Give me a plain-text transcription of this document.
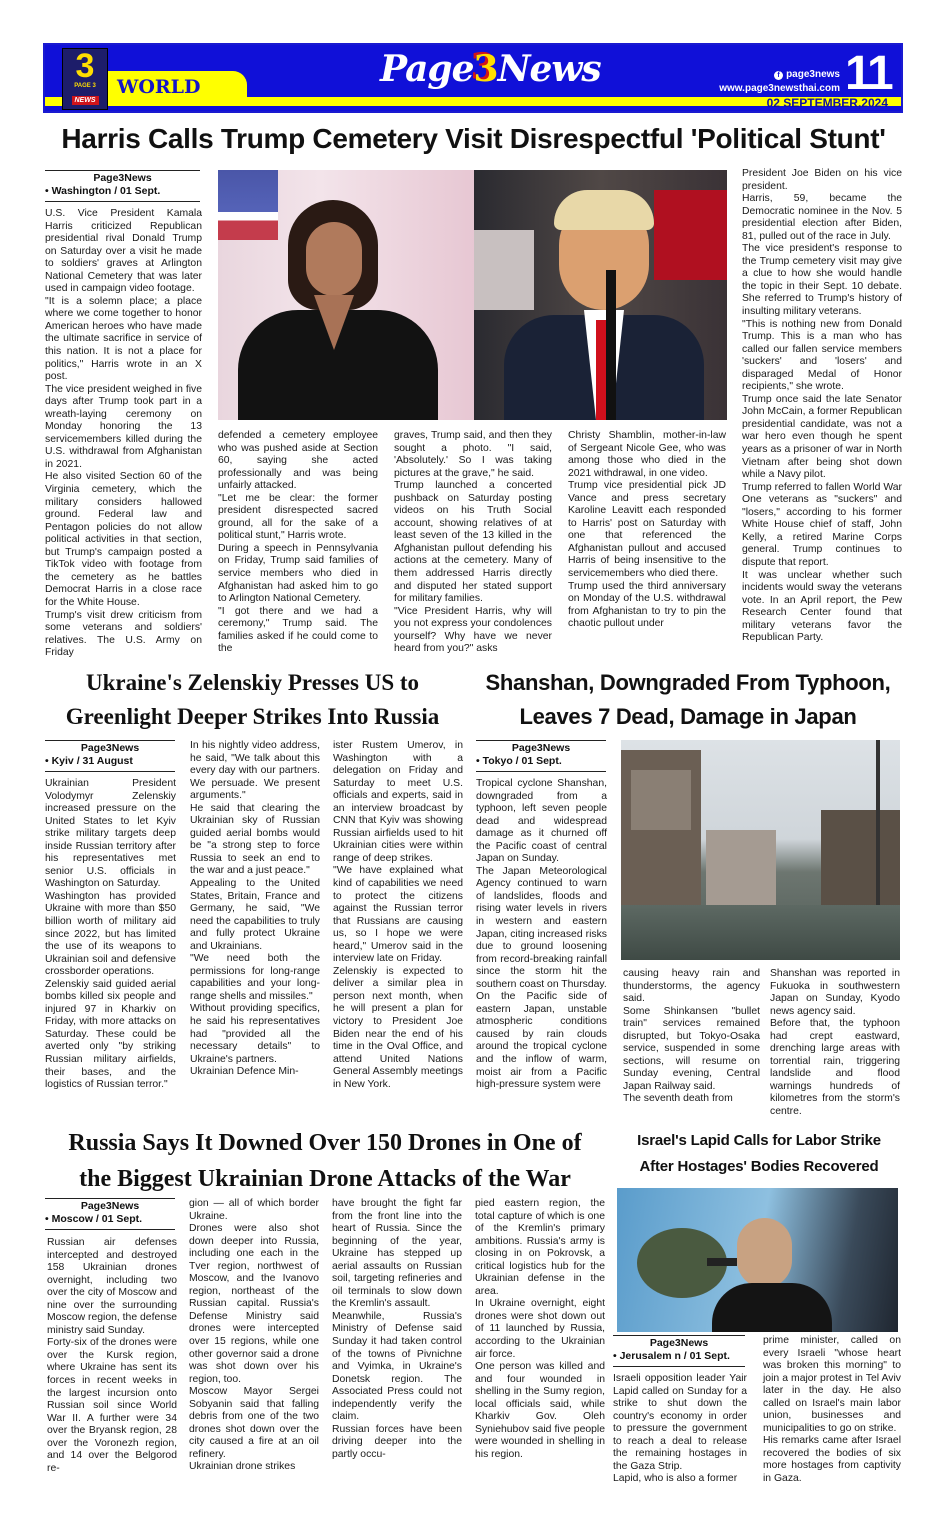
WORLD
3
PAGE 3
NEWS
Page3News	f page3news
www.page3newsthai.com 11
02 SEPTEMBER,2024
Harris Calls Trump Cemetery Visit Disrespectful 'Political Stunt'
Page3News
• Washington / 01 Sept.

U.S. Vice President Kamala Harris criticized Republican presidential rival Donald Trump on Saturday over a visit he made to soldiers' graves at Arlington National Cemetery that was later used in campaign video footage.

"It is a solemn place; a place where we come together to honor American heroes who have made the ultimate sacrifice in service of this nation. It is not a place for politics," Harris wrote in an X post.

The vice president weighed in five days after Trump took part in a wreath-laying ceremony on Monday honoring the 13 servicemembers killed during the U.S. withdrawal from Afghanistan in 2021.

He also visited Section 60 of the Virginia cemetery, which the military considers hallowed ground. Federal law and Pentagon policies do not allow political activities in that section, but Trump's campaign posted a TikTok video with footage from the cemetery as he battles Democrat Harris in a close race for the White House.

Trump's visit drew criticism from some veterans and soldiers' relatives. The U.S. Army on Friday

defended a cemetery employee who was pushed aside at Section 60, saying she acted professionally and was being unfairly attacked.

"Let me be clear: the former president disrespected sacred ground, all for the sake of a political stunt," Harris wrote.

During a speech in Pennsylvania on Friday, Trump said families of service members who died in Afghanistan had asked him to go to Arlington National Cemetery.

"I got there and we had a ceremony," Trump said. The families asked if he could come to the

graves, Trump said, and then they sought a photo. "I said, 'Absolutely.' So I was taking pictures at the grave," he said.

Trump launched a concerted pushback on Saturday posting videos on his Truth Social account, showing relatives of at least seven of the 13 killed in the Afghanistan pullout defending his actions at the cemetery. Many of them addressed Harris directly and disputed her stated support for military families.

"Vice President Harris, why will you not express your condolences yourself? Why have we never heard from you?" asks

Christy Shamblin, mother-in-law of Sergeant Nicole Gee, who was among those who died in the 2021 withdrawal, in one video.

Trump vice presidential pick JD Vance and press secretary Karoline Leavitt each responded to Harris' post on Saturday with one that referenced the Afghanistan pullout and accused Harris of being insensitive to the servicemembers who died there.

Trump used the third anniversary on Monday of the U.S. withdrawal from Afghanistan to try to pin the chaotic pullout under

President Joe Biden on his vice president.

Harris, 59, became the Democratic nominee in the Nov. 5 presidential election after Biden, 81, pulled out of the race in July.

The vice president's response to the Trump cemetery visit may give a clue to how she would handle the topic in their Sept. 10 debate. She referred to Trump's history of insulting military veterans.

"This is nothing new from Donald Trump. This is a man who has called our fallen service members 'suckers' and 'losers' and disparaged Medal of Honor recipients," she wrote.

Trump once said the late Senator John McCain, a former Republican presidential candidate, was not a war hero even though he spent years as a prisoner of war in North Vietnam after being shot down while a Navy pilot.

Trump referred to fallen World War One veterans as "suckers" and "losers," according to his former White House chief of staff, John Kelly, a retired Marine Corps general. Trump continues to dispute that report.

It was unclear whether such incidents would sway the veterans vote. In an April report, the Pew Research Center found that military veterans favor the Republican Party.

Ukraine's Zelenskiy Presses US to
Greenlight Deeper Strikes Into Russia
Page3News
• Kyiv / 31 August

Ukrainian President Volodymyr Zelenskiy increased pressure on the United States to let Kyiv strike military targets deep inside Russian territory after his representatives met senior U.S. officials in Washington on Saturday.

Washington has provided Ukraine with more than $50 billion worth of military aid since 2022, but has limited the use of its weapons to Ukrainian soil and defensive crossborder operations.

Zelenskiy said guided aerial bombs killed six people and injured 97 in Kharkiv on Friday, with more attacks on Saturday. These could be averted only "by striking Russian military airfields, their bases, and the logistics of Russian terror."

In his nightly video address, he said, "We talk about this every day with our partners. We persuade. We present arguments."

He said that clearing the Ukrainian sky of Russian guided aerial bombs would be "a strong step to force Russia to seek an end to the war and a just peace."

Appealing to the United States, Britain, France and Germany, he said, "We need the capabilities to truly and fully protect Ukraine and Ukrainians.

"We need both the permissions for long-range capabilities and your long-range shells and missiles."

Without providing specifics, he said his representatives had "provided all the necessary details" to Ukraine's partners.

Ukrainian Defence Min-

ister Rustem Umerov, in Washington with a delegation on Friday and Saturday to meet U.S. officials and experts, said in an interview broadcast by CNN that Kyiv was showing Russian airfields used to hit Ukrainian cities were within range of deep strikes.

"We have explained what kind of capabilities we need to protect the citizens against the Russian terror that Russians are causing us, so I hope we were heard," Umerov said in the interview late on Friday.

Zelenskiy is expected to deliver a similar plea in person next month, when he will present a plan for victory to President Joe Biden near the end of his time in the Oval Office, and attend United Nations General Assembly meetings in New York.

Shanshan, Downgraded From Typhoon,
Leaves 7 Dead, Damage in Japan
Page3News
• Tokyo / 01 Sept.

Tropical cyclone Shanshan, downgraded from a typhoon, left seven people dead and widespread damage as it churned off the Pacific coast of central Japan on Sunday.

The Japan Meteorological Agency continued to warn of landslides, floods and rising water levels in rivers in western and eastern Japan, citing increased risks due to ground loosening from record-breaking rainfall since the storm hit the southern coast on Thursday.

On the Pacific side of eastern Japan, unstable atmospheric conditions caused by rain clouds around the tropical cyclone and the inflow of warm, moist air from a Pacific high-pressure system were

causing heavy rain and thunderstorms, the agency said.

Some Shinkansen "bullet train" services remained disrupted, but Tokyo-Osaka service, suspended in some sections, will resume on Sunday evening, Central Japan Railway said.

The seventh death from

Shanshan was reported in Fukuoka in southwestern Japan on Sunday, Kyodo news agency said.

Before that, the typhoon had crept eastward, drenching large areas with torrential rain, triggering landslide and flood warnings hundreds of kilometres from the storm's centre.

Russia Says It Downed Over 150 Drones in One of
the Biggest Ukrainian Drone Attacks of the War
Page3News
• Moscow / 01 Sept.

Russian air defenses intercepted and destroyed 158 Ukrainian drones overnight, including two over the city of Moscow and nine over the surrounding Moscow region, the defense ministry said Sunday.

Forty-six of the drones were over the Kursk region, where Ukraine has sent its forces in recent weeks in the largest incursion onto Russian soil since World War II. A further were 34 over the Bryansk region, 28 over the Voronezh region, and 14 over the Belgorod re-

gion — all of which border Ukraine.

Drones were also shot down deeper into Russia, including one each in the Tver region, northwest of Moscow, and the Ivanovo region, northeast of the Russian capital. Russia's Defense Ministry said drones were intercepted over 15 regions, while one other governor said a drone was shot down over his region, too.

Moscow Mayor Sergei Sobyanin said that falling debris from one of the two drones shot down over the city caused a fire at an oil refinery.

Ukrainian drone strikes

have brought the fight far from the front line into the heart of Russia. Since the beginning of the year, Ukraine has stepped up aerial assaults on Russian soil, targeting refineries and oil terminals to slow down the Kremlin's assault.

Meanwhile, Russia's Ministry of Defense said Sunday it had taken control of the towns of Pivnichne and Vyimka, in Ukraine's Donetsk region. The Associated Press could not independently verify the claim.

Russian forces have been driving deeper into the partly occu-

pied eastern region, the total capture of which is one of the Kremlin's primary ambitions. Russia's army is closing in on Pokrovsk, a critical logistics hub for the Ukrainian defense in the area.

In Ukraine overnight, eight drones were shot down out of 11 launched by Russia, according to the Ukrainian air force.

One person was killed and and four wounded in shelling in the Sumy region, local officials said, while Kharkiv Gov. Oleh Syniehubov said five people were wounded in shelling in his region.

Israel's Lapid Calls for Labor Strike
After Hostages' Bodies Recovered
Page3News
• Jerusalem n / 01 Sept.

Israeli opposition leader Yair Lapid called on Sunday for a strike to shut down the country's economy in order to pressure the government to reach a deal to release the remaining hostages in the Gaza Strip.

Lapid, who is also a former

prime minister, called on every Israeli "whose heart was broken this morning" to join a major protest in Tel Aviv later in the day. He also called on Israel's main labor union, businesses and municipalities to go on strike.

His remarks came after Israel recovered the bodies of six more hostages from captivity in Gaza.
